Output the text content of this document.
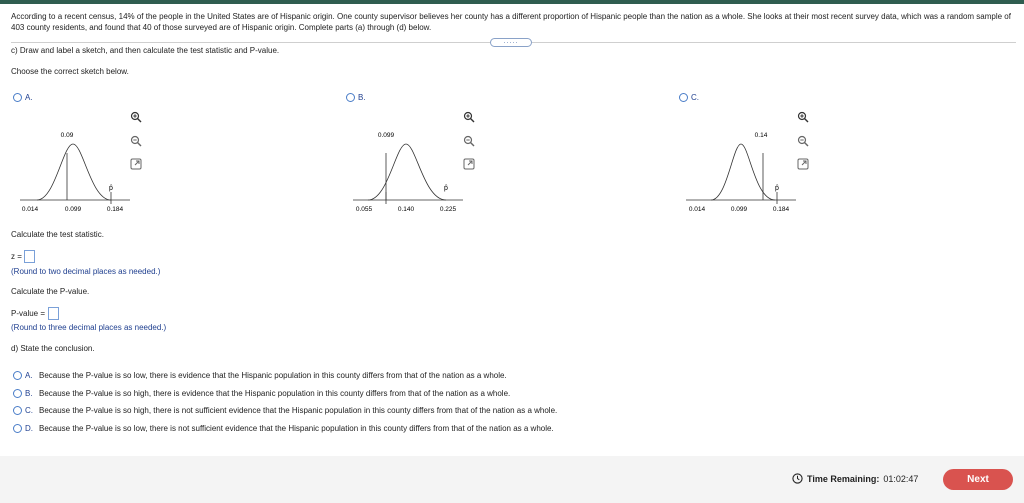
According to a recent census, 14% of the people in the United States are of Hispanic origin. One county supervisor believes her county has a different proportion of Hispanic people than the nation as a whole. She looks at their most recent survey data, which was a random sample of 403 county residents, and found that 40 of those surveyed are of Hispanic origin. Complete parts (a) through (d) below.
.....
c) Draw and label a sketch, and then calculate the test statistic and P-value.
Choose the correct sketch below.
A.
0.09
p̂
0.014	0.099	0.184
B.
0.099
p̂
0.055	0.140	0.225
C.
0.14
p̂
0.014	0.099	0.184
Calculate the test statistic.
z =
(Round to two decimal places as needed.)
Calculate the P-value.
P-value =
(Round to three decimal places as needed.)
d) State the conclusion.
A. Because the P-value is so low, there is evidence that the Hispanic population in this county differs from that of the nation as a whole.
B. Because the P-value is so high, there is evidence that the Hispanic population in this county differs from that of the nation as a whole.
C. Because the P-value is so high, there is not sufficient evidence that the Hispanic population in this county differs from that of the nation as a whole.
D. Because the P-value is so low, there is not sufficient evidence that the Hispanic population in this county differs from that of the nation as a whole.
Time Remaining: 01:02:47	Next
